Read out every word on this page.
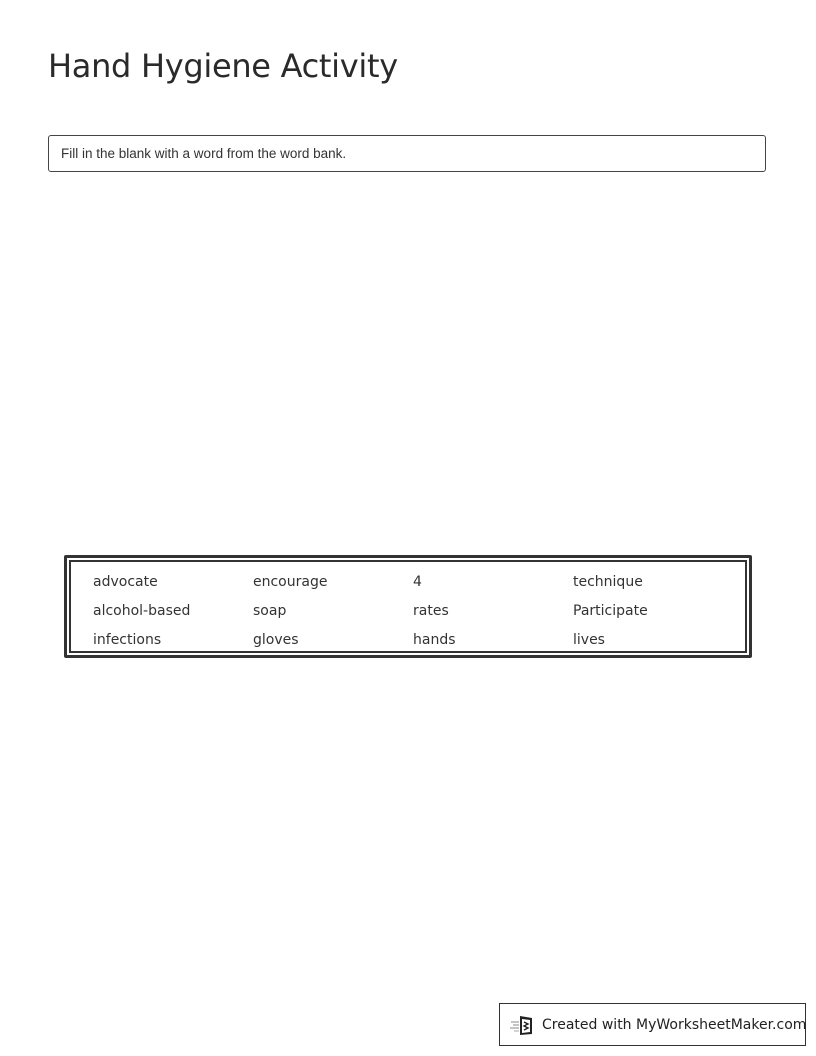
Hand Hygiene Activity
Fill in the blank with a word from the word bank.
advocate	encourage	4	technique
alcohol-based	soap	rates	Participate
infections	gloves	hands	lives
Created with MyWorksheetMaker.com
